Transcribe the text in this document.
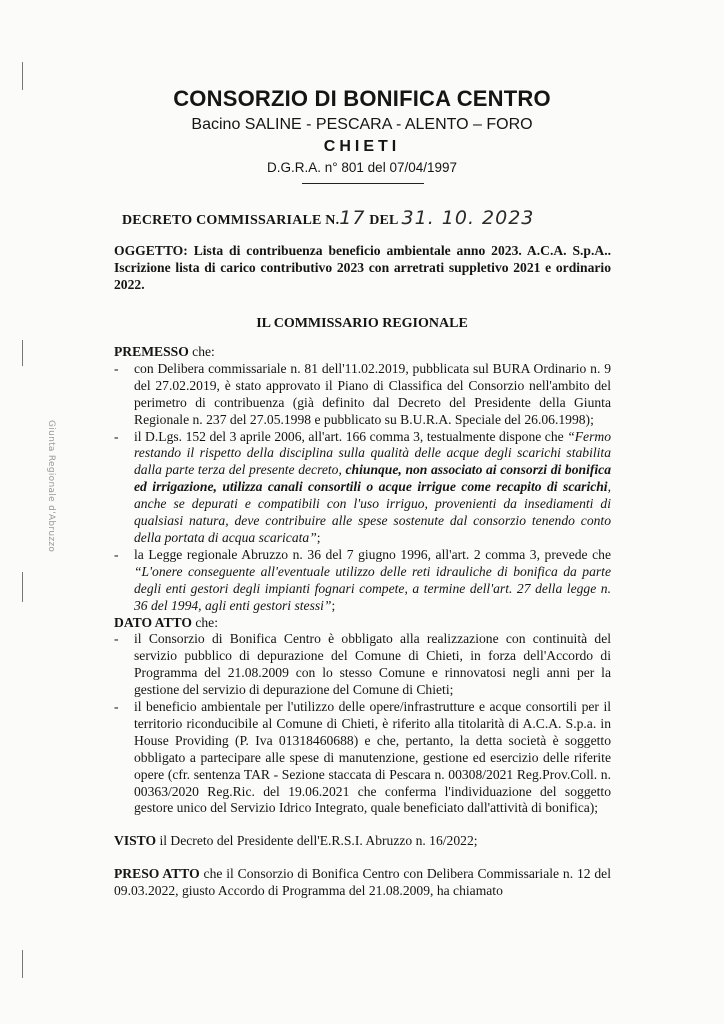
Giunta Regionale d'Abruzzo
CONSORZIO DI BONIFICA CENTRO
Bacino SALINE - PESCARA - ALENTO – FORO
CHIETI
D.G.R.A. n° 801 del 07/04/1997
DECRETO COMMISSARIALE N.17 DEL 31. 10. 2023
OGGETTO: Lista di contribuenza beneficio ambientale anno 2023. A.C.A. S.p.A.. Iscrizione lista di carico contributivo 2023 con arretrati suppletivo 2021 e ordinario 2022.
IL COMMISSARIO REGIONALE

PREMESSO che:

- con Delibera commissariale n. 81 dell'11.02.2019, pubblicata sul BURA Ordinario n. 9 del 27.02.2019, è stato approvato il Piano di Classifica del Consorzio nell'ambito del perimetro di contribuenza (già definito dal Decreto del Presidente della Giunta Regionale n. 237 del 27.05.1998 e pubblicato su B.U.R.A. Speciale del 26.06.1998);
- il D.Lgs. 152 del 3 aprile 2006, all'art. 166 comma 3, testualmente dispone che “Fermo restando il rispetto della disciplina sulla qualità delle acque degli scarichi stabilita dalla parte terza del presente decreto, chiunque, non associato ai consorzi di bonifica ed irrigazione, utilizza canali consortili o acque irrigue come recapito di scarichi, anche se depurati e compatibili con l'uso irriguo, provenienti da insediamenti di qualsiasi natura, deve contribuire alle spese sostenute dal consorzio tenendo conto della portata di acqua scaricata”;
- la Legge regionale Abruzzo n. 36 del 7 giugno 1996, all'art. 2 comma 3, prevede che “L'onere conseguente all'eventuale utilizzo delle reti idrauliche di bonifica da parte degli enti gestori degli impianti fognari compete, a termine dell'art. 27 della legge n. 36 del 1994, agli enti gestori stessi”;

DATO ATTO che:

- il Consorzio di Bonifica Centro è obbligato alla realizzazione con continuità del servizio pubblico di depurazione del Comune di Chieti, in forza dell'Accordo di Programma del 21.08.2009 con lo stesso Comune e rinnovatosi negli anni per la gestione del servizio di depurazione del Comune di Chieti;
- il beneficio ambientale per l'utilizzo delle opere/infrastrutture e acque consortili per il territorio riconducibile al Comune di Chieti, è riferito alla titolarità di A.C.A. S.p.a. in House Providing (P. Iva 01318460688) e che, pertanto, la detta società è soggetto obbligato a partecipare alle spese di manutenzione, gestione ed esercizio delle riferite opere (cfr. sentenza TAR - Sezione staccata di Pescara n. 00308/2021 Reg.Prov.Coll. n. 00363/2020 Reg.Ric. del 19.06.2021 che conferma l'individuazione del soggetto gestore unico del Servizio Idrico Integrato, quale beneficiato dall'attività di bonifica);

VISTO il Decreto del Presidente dell'E.R.S.I. Abruzzo n. 16/2022;

PRESO ATTO che il Consorzio di Bonifica Centro con Delibera Commissariale n. 12 del 09.03.2022, giusto Accordo di Programma del 21.08.2009, ha chiamato
